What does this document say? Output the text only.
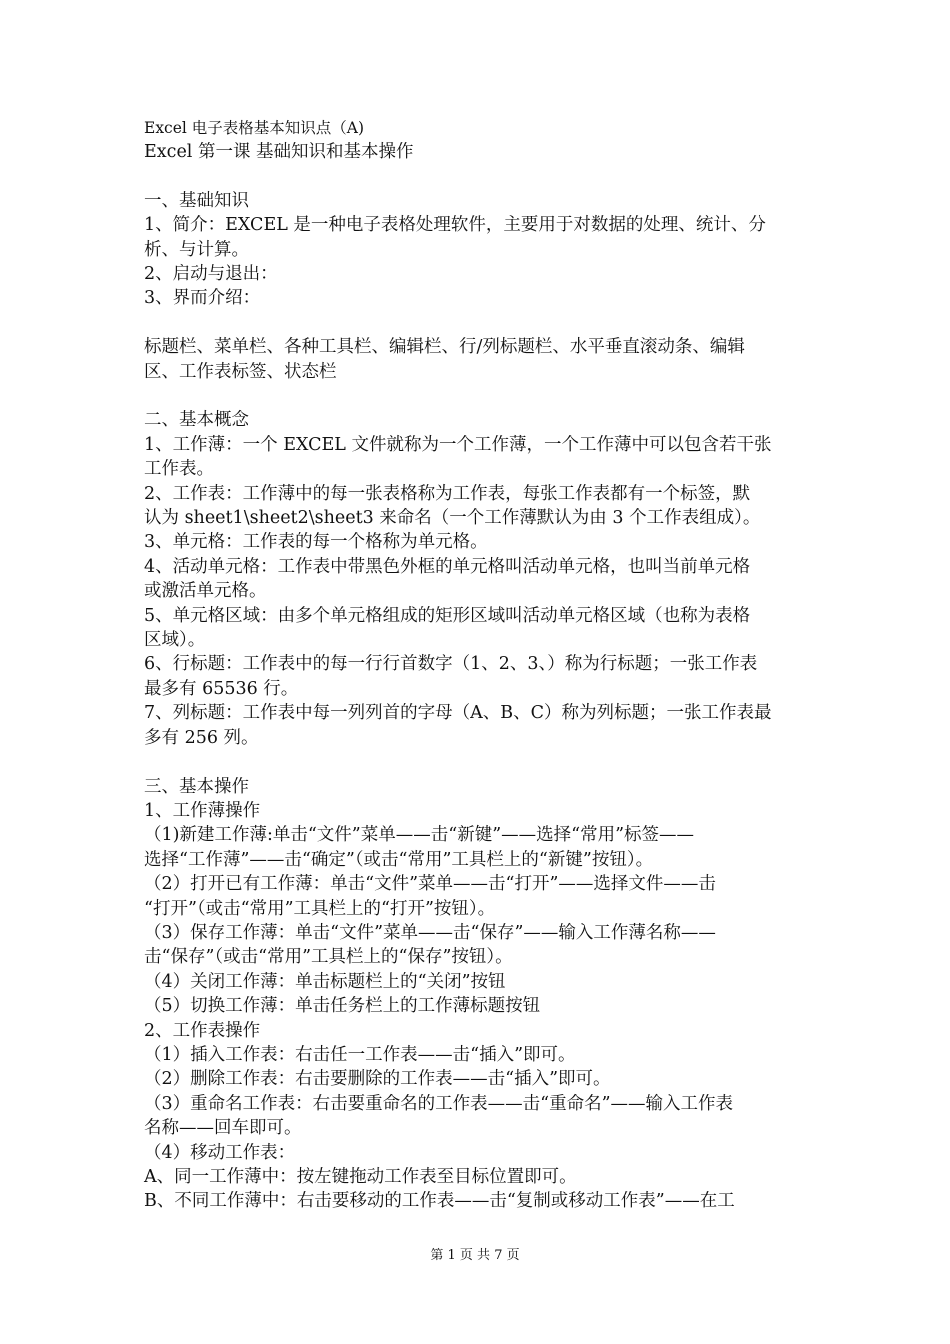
Excel 电子表格基本知识点（A)
Excel 第一课 基础知识和基本操作
一、基础知识
1、简介：EXCEL 是一种电子表格处理软件，主要用于对数据的处理、统计、分
析、与计算。
2、启动与退出：
3、界而介绍：
标题栏、菜单栏、各种工具栏、编辑栏、行/列标题栏、水平垂直滚动条、编辑
区、工作表标签、状态栏
二、基本概念
1、工作薄：一个 EXCEL 文件就称为一个工作薄，一个工作薄中可以包含若干张
工作表。
2、工作表：工作薄中的每一张表格称为工作表，每张工作表都有一个标签，默
认为 sheet1\sheet2\sheet3 来命名（一个工作薄默认为由 3 个工作表组成）。
3、单元格：工作表的每一个格称为单元格。
4、活动单元格：工作表中带黑色外框的单元格叫活动单元格，也叫当前单元格
或激活单元格。
5、单元格区域：由多个单元格组成的矩形区域叫活动单元格区域（也称为表格
区域）。
6、行标题：工作表中的每一行行首数字（1、2、3、）称为行标题；一张工作表
最多有 65536 行。
7、列标题：工作表中每一列列首的字母（A、B、C）称为列标题；一张工作表最
多有 256 列。
三、基本操作
1、工作薄操作
（1)新建工作薄:单击“文件”菜单——击“新键”——选择“常用”标签——
选择“工作薄”——击“确定”（或击“常用”工具栏上的“新键”按钮）。
（2）打开已有工作薄：单击“文件”菜单——击“打开”——选择文件——击
“打开”（或击“常用”工具栏上的“打开”按钮）。
（3）保存工作薄：单击“文件”菜单——击“保存”——输入工作薄名称——
击“保存”（或击“常用”工具栏上的“保存”按钮）。
（4）关闭工作薄：单击标题栏上的“关闭”按钮
（5）切换工作薄：单击任务栏上的工作薄标题按钮
2、工作表操作
（1）插入工作表：右击任一工作表——击“插入”即可。
（2）删除工作表：右击要删除的工作表——击“插入”即可。
（3）重命名工作表：右击要重命名的工作表——击“重命名”——输入工作表
名称——回车即可。
（4）移动工作表：
A、同一工作薄中：按左键拖动工作表至目标位置即可。
B、不同工作薄中：右击要移动的工作表——击“复制或移动工作表”——在工
第 1 页 共 7 页
